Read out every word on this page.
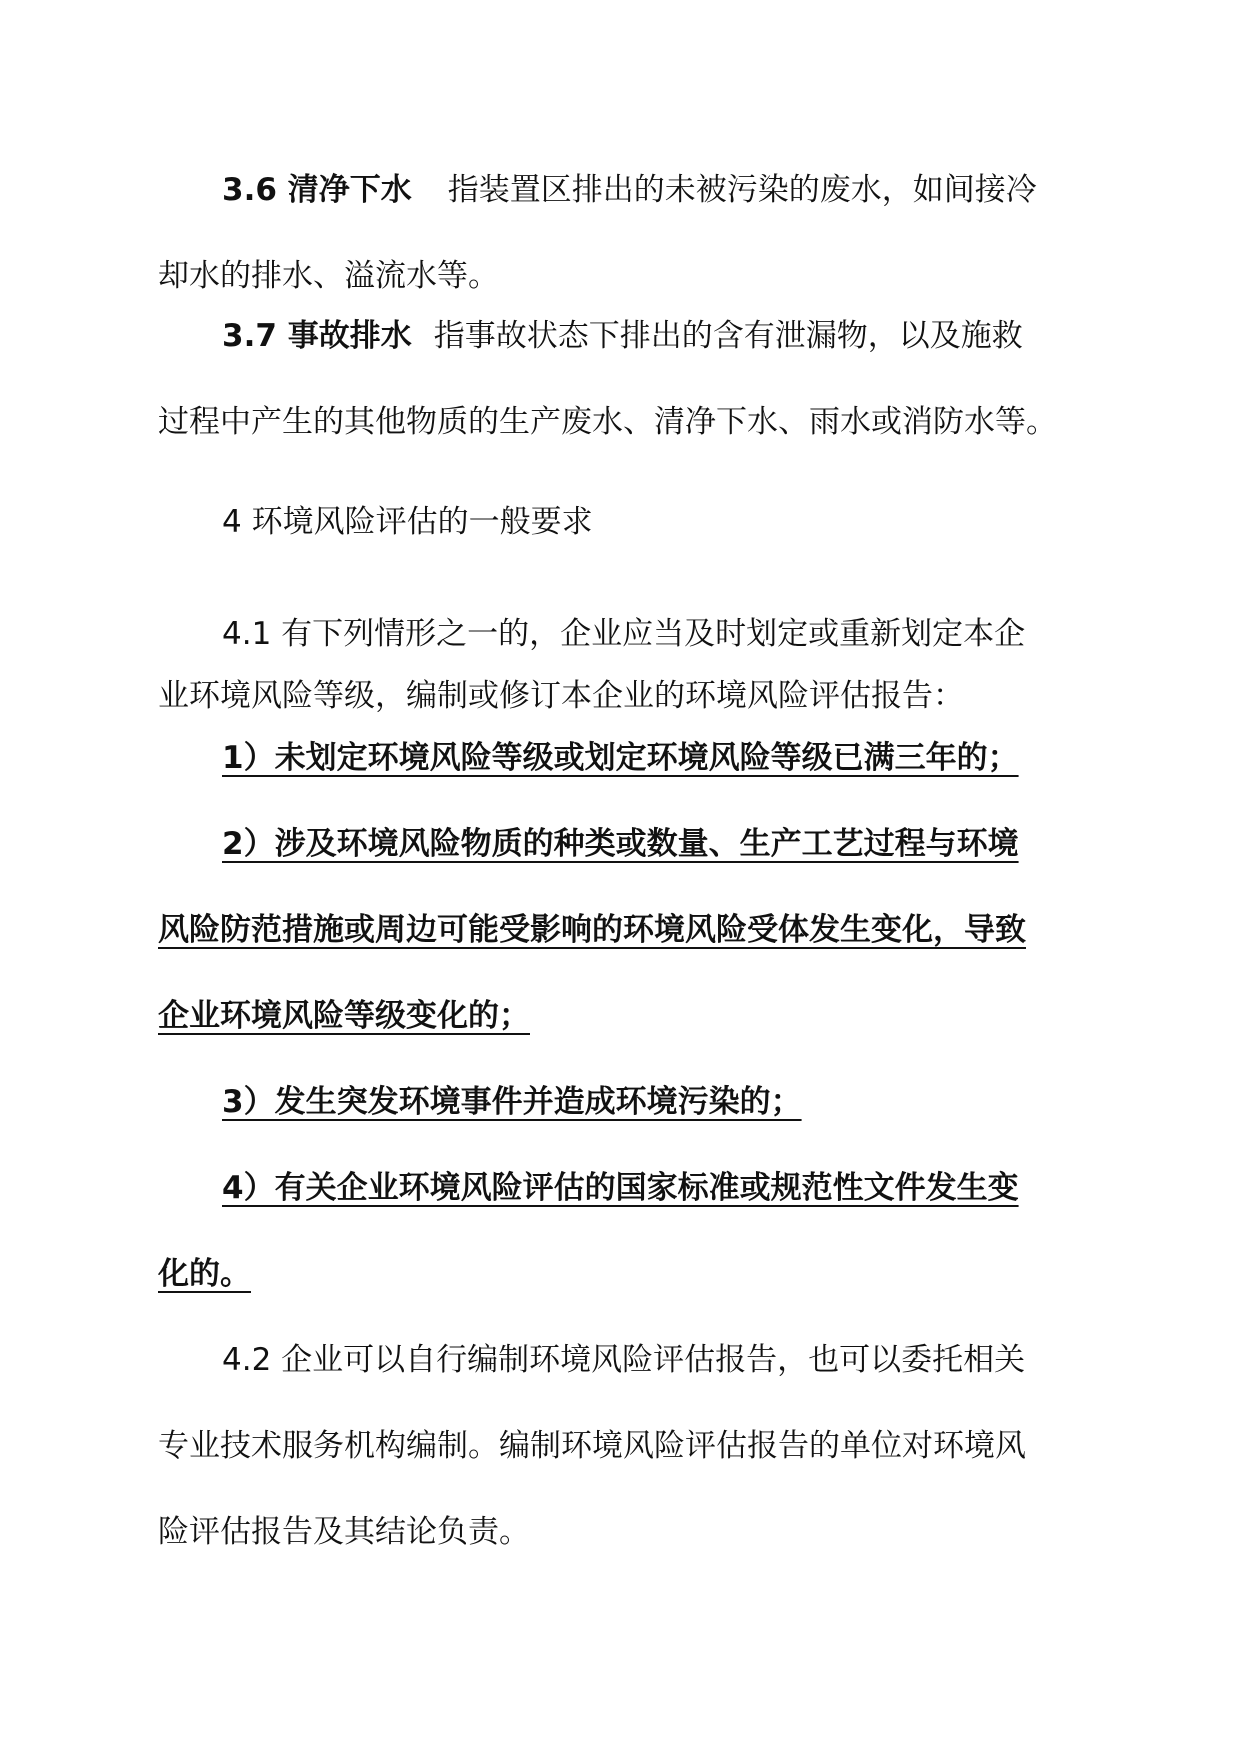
3.6 清净下水 指装置区排出的未被污染的废水，如间接冷
却水的排水、溢流水等。
3.7 事故排水 指事故状态下排出的含有泄漏物，以及施救
过程中产生的其他物质的生产废水、清净下水、雨水或消防水等。
4 环境风险评估的一般要求
4.1 有下列情形之一的，企业应当及时划定或重新划定本企
业环境风险等级，编制或修订本企业的环境风险评估报告：
1）未划定环境风险等级或划定环境风险等级已满三年的；
2）涉及环境风险物质的种类或数量、生产工艺过程与环境
风险防范措施或周边可能受影响的环境风险受体发生变化，导致
企业环境风险等级变化的；
3）发生突发环境事件并造成环境污染的；
4）有关企业环境风险评估的国家标准或规范性文件发生变
化的。
4.2 企业可以自行编制环境风险评估报告，也可以委托相关
专业技术服务机构编制。编制环境风险评估报告的单位对环境风
险评估报告及其结论负责。
